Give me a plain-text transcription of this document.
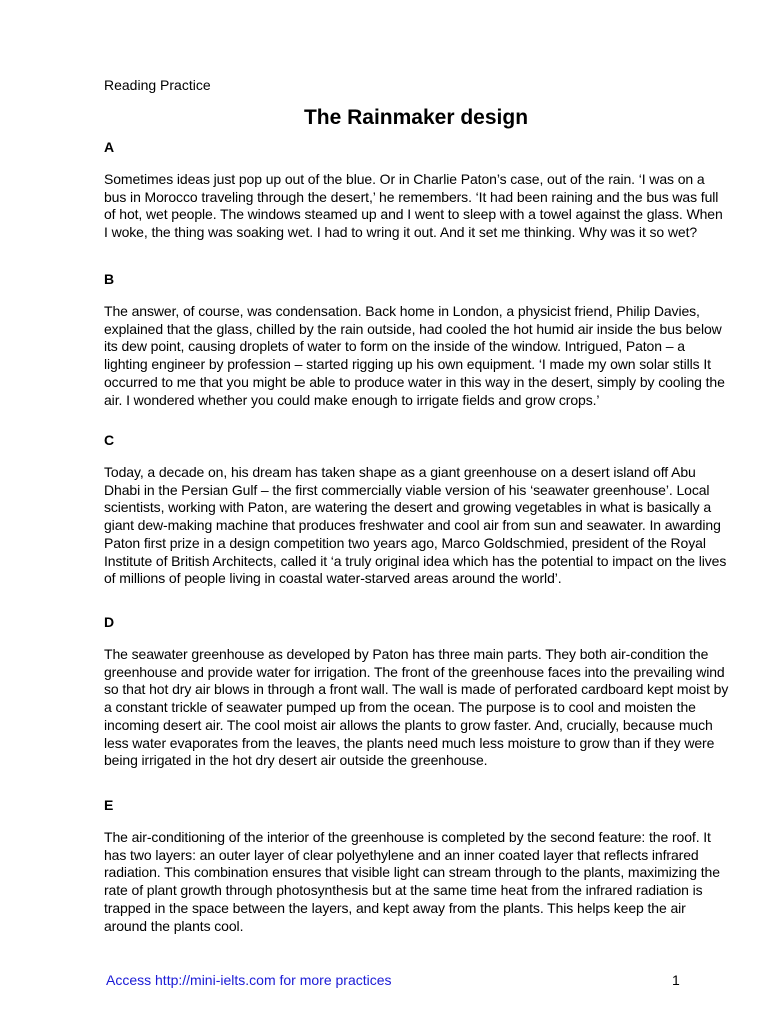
Reading Practice
The Rainmaker design

A

Sometimes ideas just pop up out of the blue. Or in Charlie Paton’s case, out of the rain. ‘I was on a bus in Morocco traveling through the desert,’ he remembers. ‘It had been raining and the bus was full of hot, wet people. The windows steamed up and I went to sleep with a towel against the glass. When I woke, the thing was soaking wet. I had to wring it out. And it set me thinking. Why was it so wet?

B

The answer, of course, was condensation. Back home in London, a physicist friend, Philip Davies, explained that the glass, chilled by the rain outside, had cooled the hot humid air inside the bus below its dew point, causing droplets of water to form on the inside of the window. Intrigued, Paton – a lighting engineer by profession – started rigging up his own equipment. ‘I made my own solar stills It occurred to me that you might be able to produce water in this way in the desert, simply by cooling the air. I wondered whether you could make enough to irrigate fields and grow crops.’

C

Today, a decade on, his dream has taken shape as a giant greenhouse on a desert island off Abu Dhabi in the Persian Gulf – the first commercially viable version of his ‘seawater greenhouse’. Local scientists, working with Paton, are watering the desert and growing vegetables in what is basically a giant dew-making machine that produces freshwater and cool air from sun and seawater. In awarding Paton first prize in a design competition two years ago, Marco Goldschmied, president of the Royal Institute of British Architects, called it ‘a truly original idea which has the potential to impact on the lives of millions of people living in coastal water-starved areas around the world’.

D

The seawater greenhouse as developed by Paton has three main parts. They both air-condition the greenhouse and provide water for irrigation. The front of the greenhouse faces into the prevailing wind so that hot dry air blows in through a front wall. The wall is made of perforated cardboard kept moist by a constant trickle of seawater pumped up from the ocean. The purpose is to cool and moisten the incoming desert air. The cool moist air allows the plants to grow faster. And, crucially, because much less water evaporates from the leaves, the plants need much less moisture to grow than if they were being irrigated in the hot dry desert air outside the greenhouse.

E

The air-conditioning of the interior of the greenhouse is completed by the second feature: the roof. It has two layers: an outer layer of clear polyethylene and an inner coated layer that reflects infrared radiation. This combination ensures that visible light can stream through to the plants, maximizing the rate of plant growth through photosynthesis but at the same time heat from the infrared radiation is trapped in the space between the layers, and kept away from the plants. This helps keep the air around the plants cool.

Access http://mini-ielts.com for more practices	1
